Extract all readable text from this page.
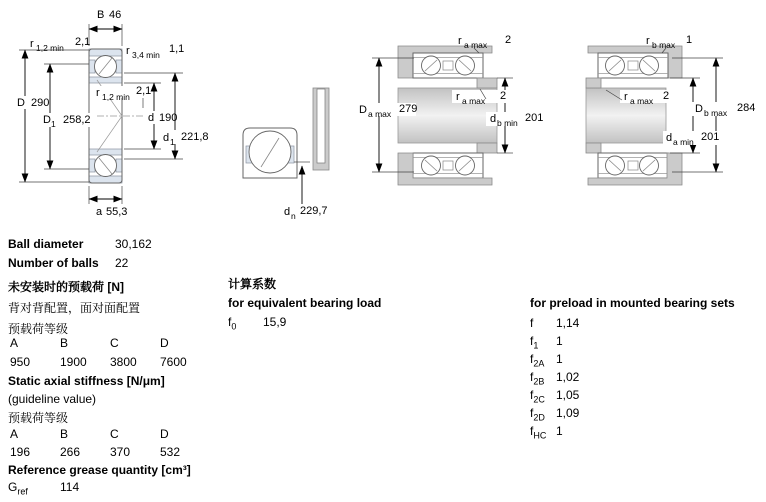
B 46
r 1,2 min 2,1
r 3,4 min 1,1
D 290
D 1 258,2
r 1,2 min 2,1
d 190
d 1 221,8
a 55,3	d n 229,7
r a max 2
D a max 279
d b min 201
r a max 2
r b max 1
D b max 284
d a min 201
r a max 2
Ball diameter	30,162
Number of balls 22
未安装时的预载荷 [N]
背对背配置，面对面配置
预载荷等级
A	B	C	D
950 1900 3800 7600
Static axial stiffness [N/μm]
(guideline value)
预载荷等级
A	B	C	D
196 266 370 532
Reference grease quantity [cm³]
$G_{ref}$	114
计算系数
for equivalent bearing load
$f_0$ 15,9
for preload in mounted bearing sets
f 1,14
$f_1$ 1
$f_{2A}$ 1
$f_{2B}$ 1,02
$f_{2C}$ 1,05
$f_{2D}$ 1,09
$f_{HC}$ 1
